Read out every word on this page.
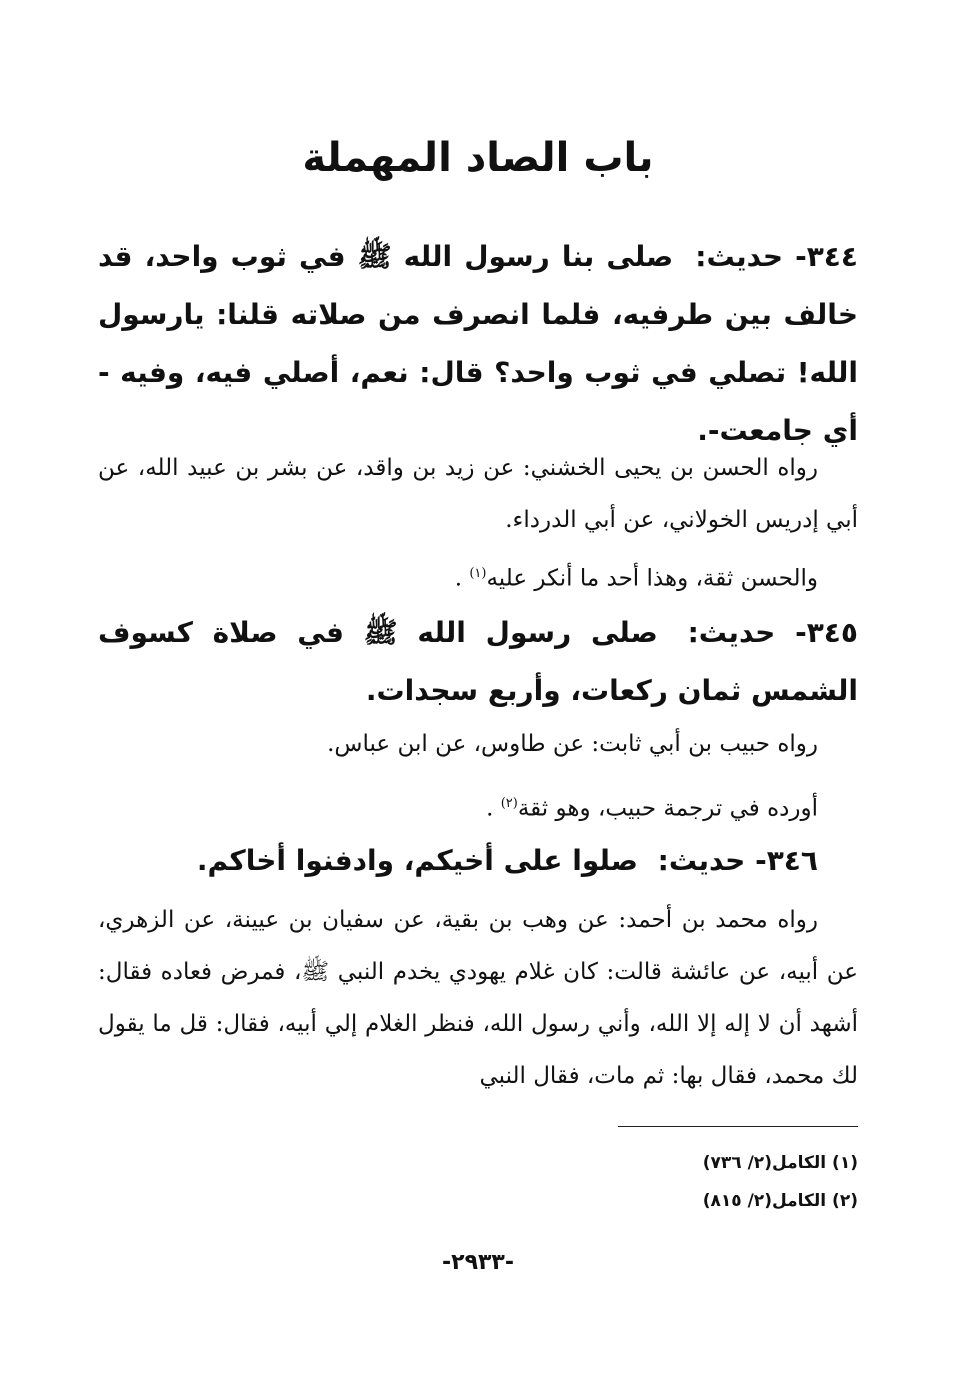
باب الصاد المهملة
٣٤٤- حديث: صلى بنا رسول الله ﷺ في ثوب واحد، قد خالف بين طرفيه، فلما انصرف من صلاته قلنا: يارسول الله! تصلي في ثوب واحد؟ قال: نعم، أصلي فيه، وفيه - أي جامعت-.
رواه الحسن بن يحيى الخشني: عن زيد بن واقد، عن بشر بن عبيد الله، عن أبي إدريس الخولاني، عن أبي الدرداء.
والحسن ثقة، وهذا أحد ما أنكر عليه$^{(١)}$ .
٣٤٥- حديث: صلى رسول الله ﷺ في صلاة كسوف الشمس ثمان ركعات، وأربع سجدات.
رواه حبيب بن أبي ثابت: عن طاوس، عن ابن عباس.
أورده في ترجمة حبيب، وهو ثقة$^{(٢)}$ .
٣٤٦- حديث: صلوا على أخيكم، وادفنوا أخاكم.
رواه محمد بن أحمد: عن وهب بن بقية، عن سفيان بن عيينة، عن الزهري، عن أبيه، عن عائشة قالت: كان غلام يهودي يخدم النبي ﷺ، فمرض فعاده فقال: أشهد أن لا إله إلا الله، وأني رسول الله، فنظر الغلام إلي أبيه، فقال: قل ما يقول لك محمد، فقال بها: ثم مات، فقال النبي
(١) الكامل(٢/ ٧٣٦)
(٢) الكامل(٢/ ٨١٥)
-٢٩٣٣-
